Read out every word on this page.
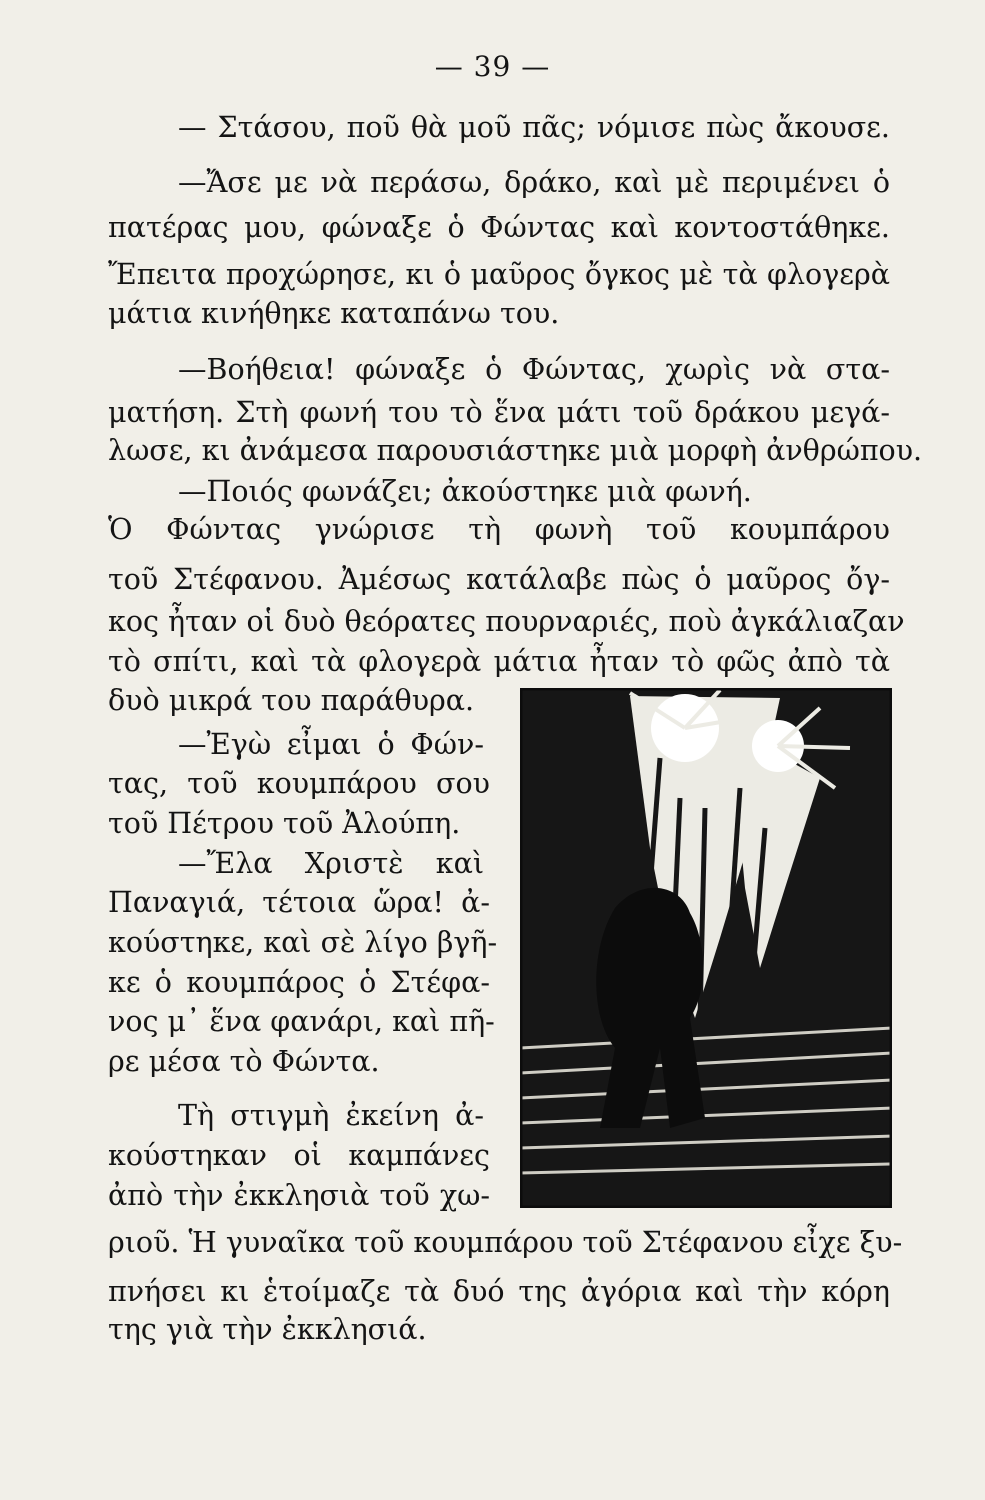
— 39 —
— Στάσου, ποῦ θὰ μοῦ πᾶς; νόμισε πὼς ἄκουσε.
—Ἄσε με νὰ περάσω, δράκο, καὶ μὲ περιμένει ὁ
πατέρας μου, φώναξε ὁ Φώντας καὶ κοντοστάθηκε.
Ἔπειτα προχώρησε, κι ὁ μαῦρος ὄγκος μὲ τὰ φλογερὰ
μάτια κινήθηκε καταπάνω του.
—Βοήθεια! φώναξε ὁ Φώντας, χωρὶς νὰ στα-
ματήση. Στὴ φωνή του τὸ ἕνα μάτι τοῦ δράκου μεγά-
λωσε, κι ἀνάμεσα παρουσιάστηκε μιὰ μορφὴ ἀνθρώπου.
—Ποιός φωνάζει; ἀκούστηκε μιὰ φωνή.
Ὁ Φώντας γνώρισε τὴ φωνὴ τοῦ κουμπάρου
τοῦ Στέφανου. Ἀμέσως κατάλαβε πὼς ὁ μαῦρος ὄγ-
κος ἦταν οἱ δυὸ θεόρατες πουρναριές, ποὺ ἀγκάλιαζαν
τὸ σπίτι, καὶ τὰ φλογερὰ μάτια ἦταν τὸ φῶς ἀπὸ τὰ
δυὸ μικρά του παράθυρα.
—Ἐγὼ εἶμαι ὁ Φών-
τας, τοῦ κουμπάρου σου
τοῦ Πέτρου τοῦ Ἀλούπη.
—Ἔλα Χριστὲ καὶ
Παναγιά, τέτοια ὥρα! ἀ-
κούστηκε, καὶ σὲ λίγο βγῆ-
κε ὁ κουμπάρος ὁ Στέφα-
νος μ᾿ ἕνα φανάρι, καὶ πῆ-
ρε μέσα τὸ Φώντα.
Τὴ στιγμὴ ἐκείνη ἀ-
κούστηκαν οἱ καμπάνες
ἀπὸ τὴν ἐκκλησιὰ τοῦ χω-
ριοῦ. Ἡ γυναῖκα τοῦ κουμπάρου τοῦ Στέφανου εἶχε ξυ-
πνήσει κι ἑτοίμαζε τὰ δυό της ἀγόρια καὶ τὴν κόρη
της γιὰ τὴν ἐκκλησιά.
